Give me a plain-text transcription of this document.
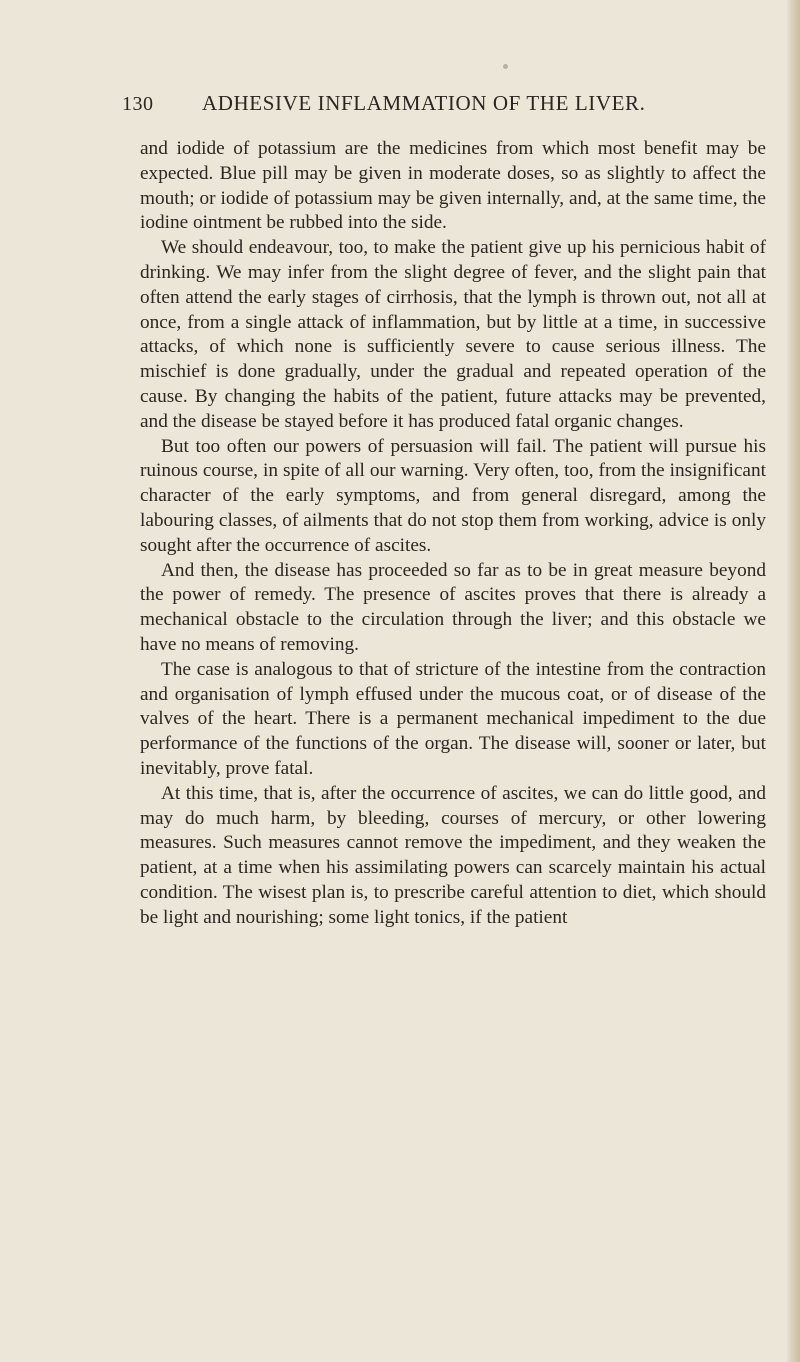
130 ADHESIVE INFLAMMATION OF THE LIVER.

and iodide of potassium are the medicines from which most benefit may be expected. Blue pill may be given in moderate doses, so as slightly to affect the mouth; or iodide of potassium may be given internally, and, at the same time, the iodine ointment be rubbed into the side.

We should endeavour, too, to make the patient give up his pernicious habit of drinking. We may infer from the slight degree of fever, and the slight pain that often attend the early stages of cirrhosis, that the lymph is thrown out, not all at once, from a single attack of inflammation, but by little at a time, in successive attacks, of which none is sufficiently severe to cause serious illness. The mischief is done gradually, under the gradual and repeated operation of the cause. By changing the habits of the patient, future attacks may be prevented, and the disease be stayed before it has produced fatal organic changes.

But too often our powers of persuasion will fail. The patient will pursue his ruinous course, in spite of all our warning. Very often, too, from the insignificant character of the early symptoms, and from general disregard, among the labouring classes, of ailments that do not stop them from working, advice is only sought after the occurrence of ascites.

And then, the disease has proceeded so far as to be in great measure beyond the power of remedy. The presence of ascites proves that there is already a mechanical obstacle to the circulation through the liver; and this obstacle we have no means of removing.

The case is analogous to that of stricture of the intestine from the contraction and organisation of lymph effused under the mucous coat, or of disease of the valves of the heart. There is a permanent mechanical impediment to the due performance of the functions of the organ. The disease will, sooner or later, but inevitably, prove fatal.

At this time, that is, after the occurrence of ascites, we can do little good, and may do much harm, by bleeding, courses of mercury, or other lowering measures. Such measures cannot remove the impediment, and they weaken the patient, at a time when his assimilating powers can scarcely maintain his actual condition. The wisest plan is, to prescribe careful attention to diet, which should be light and nourishing; some light tonics, if the patient
